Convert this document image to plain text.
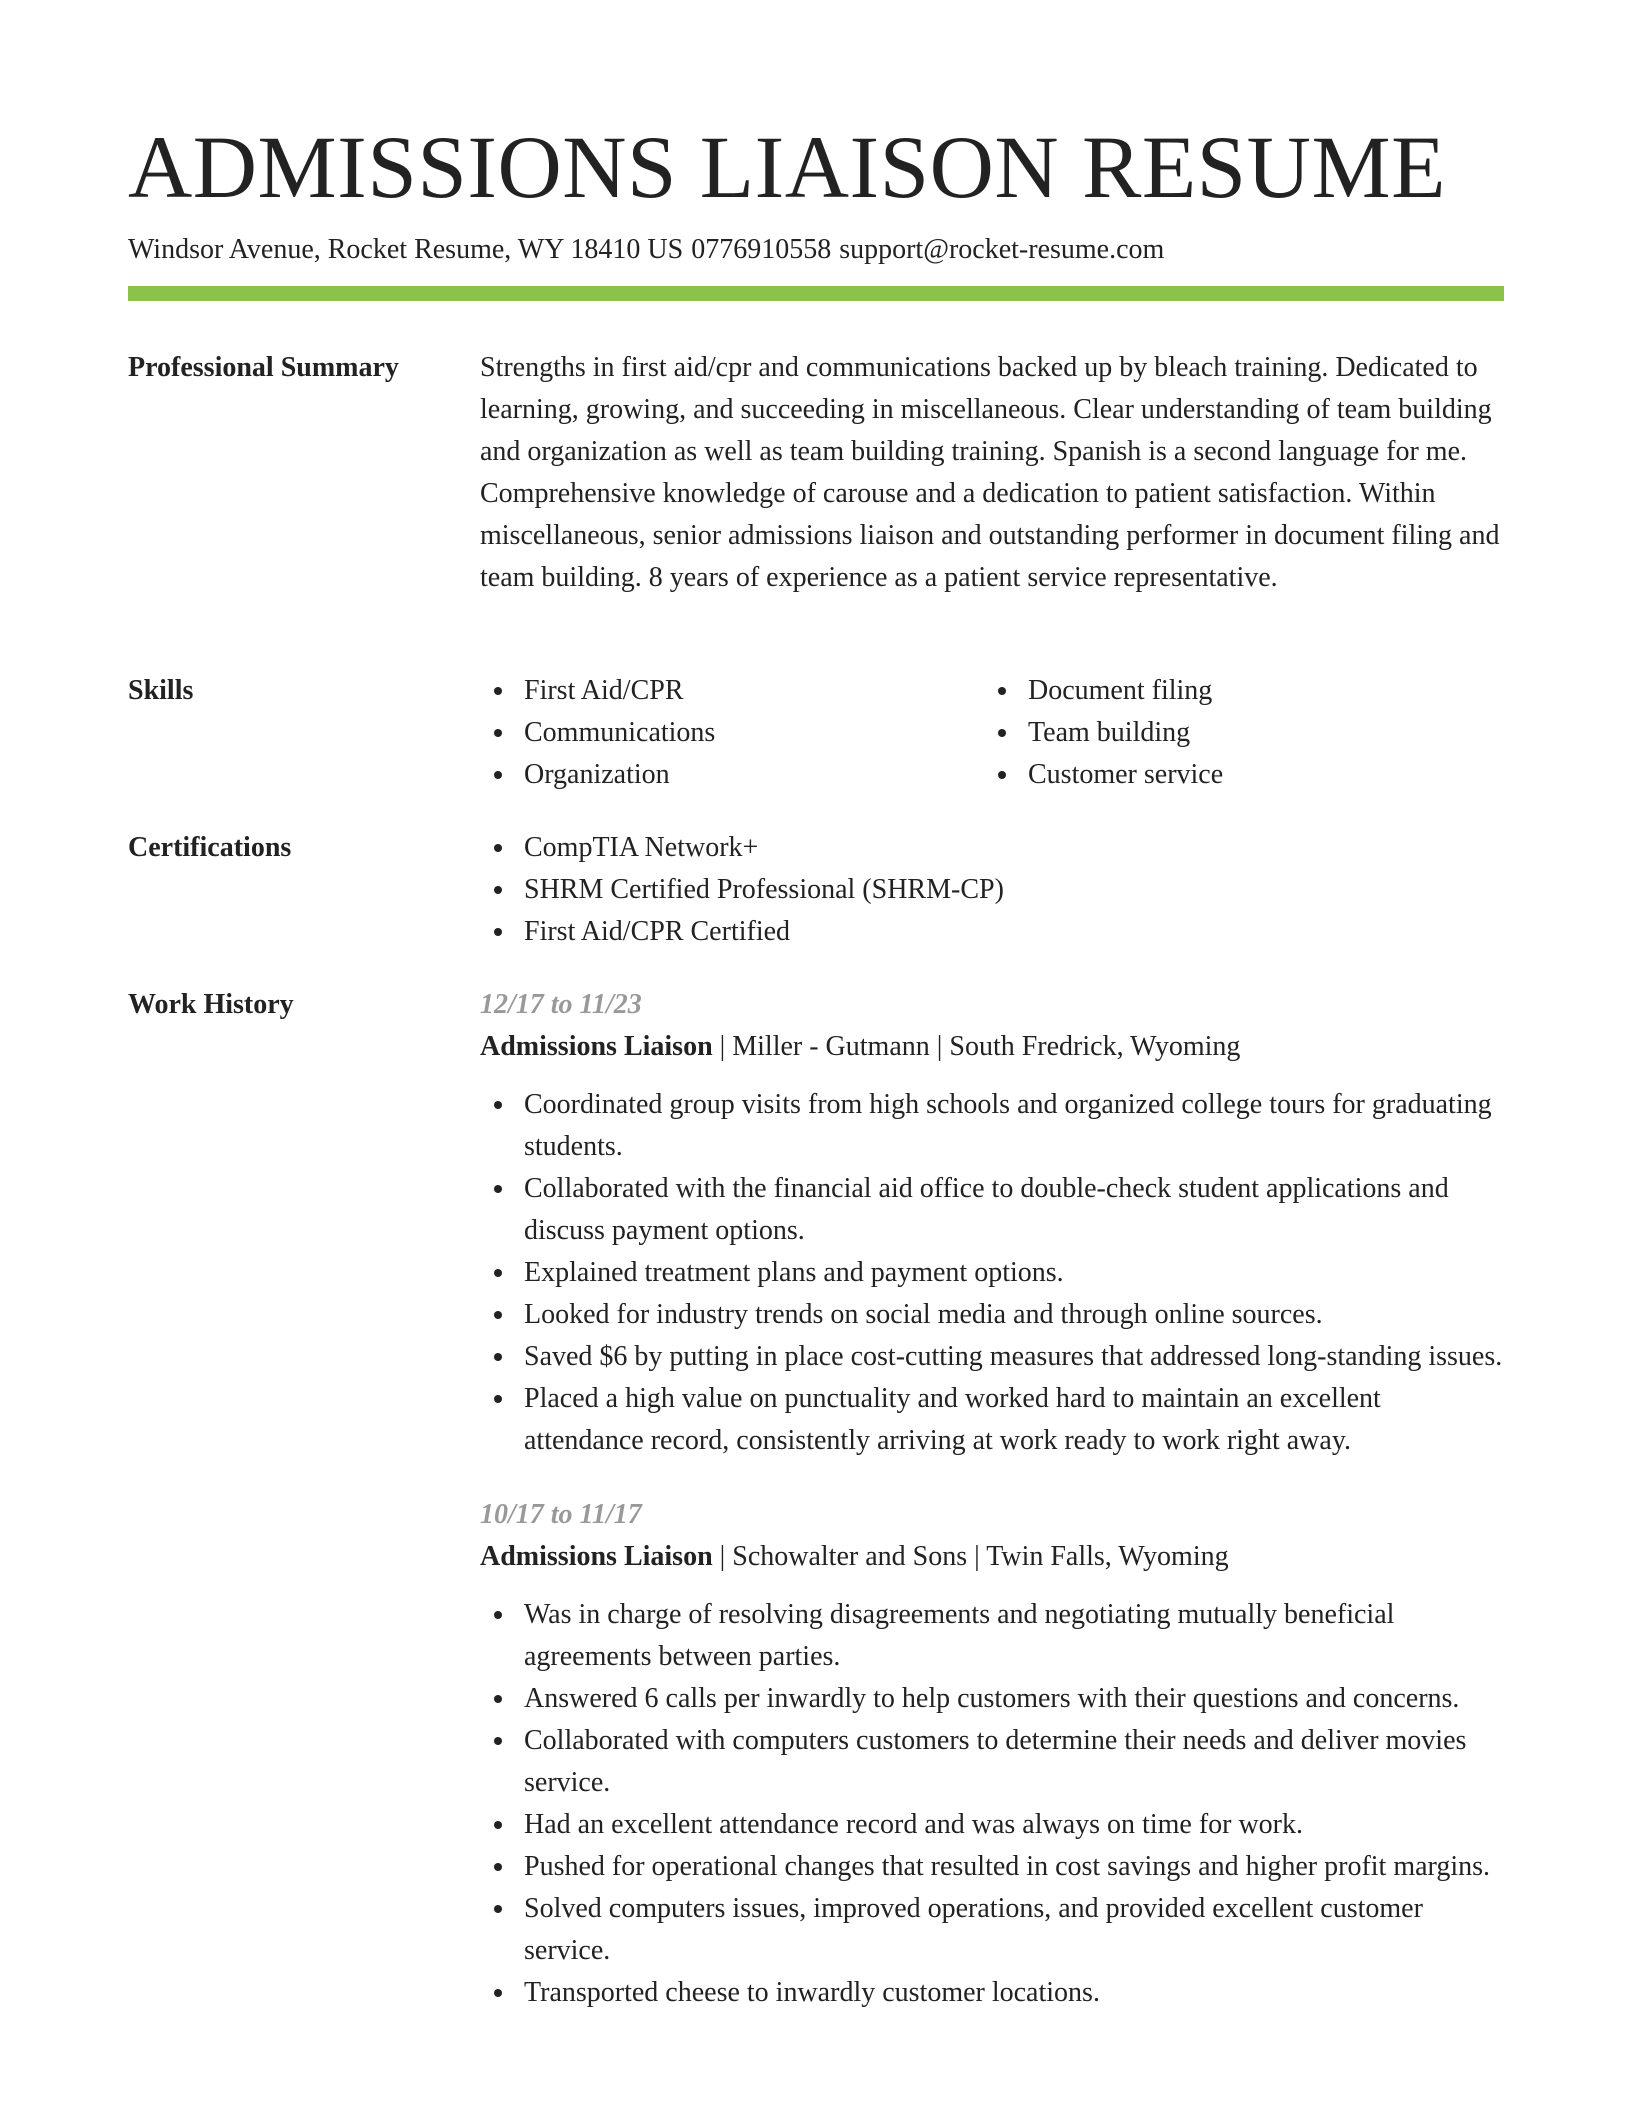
ADMISSIONS LIAISON RESUME
Windsor Avenue, Rocket Resume, WY 18410 US 0776910558 support@rocket-resume.com
Professional Summary	Strengths in first aid/cpr and communications backed up by bleach training. Dedicated to learning, growing, and succeeding in miscellaneous. Clear understanding of team building and organization as well as team building training. Spanish is a second language for me. Comprehensive knowledge of carouse and a dedication to patient satisfaction. Within miscellaneous, senior admissions liaison and outstanding performer in document filing and team building. 8 years of experience as a patient service representative.

Skills	First Aid/CPR
Communications
Organization
Document filing
Team building
Customer service
Certifications	CompTIA Network+
SHRM Certified Professional (SHRM-CP)
First Aid/CPR Certified
Work History	12/17 to 11/23
Admissions Liaison | Miller - Gutmann | South Fredrick, Wyoming
Coordinated group visits from high schools and organized college tours for graduating students.
Collaborated with the financial aid office to double-check student applications and discuss payment options.
Explained treatment plans and payment options.
Looked for industry trends on social media and through online sources.
Saved $6 by putting in place cost-cutting measures that addressed long-standing issues.
Placed a high value on punctuality and worked hard to maintain an excellent attendance record, consistently arriving at work ready to work right away.
10/17 to 11/17
Admissions Liaison | Schowalter and Sons | Twin Falls, Wyoming
Was in charge of resolving disagreements and negotiating mutually beneficial agreements between parties.
Answered 6 calls per inwardly to help customers with their questions and concerns.
Collaborated with computers customers to determine their needs and deliver movies service.
Had an excellent attendance record and was always on time for work.
Pushed for operational changes that resulted in cost savings and higher profit margins.
Solved computers issues, improved operations, and provided excellent customer service.
Transported cheese to inwardly customer locations.
